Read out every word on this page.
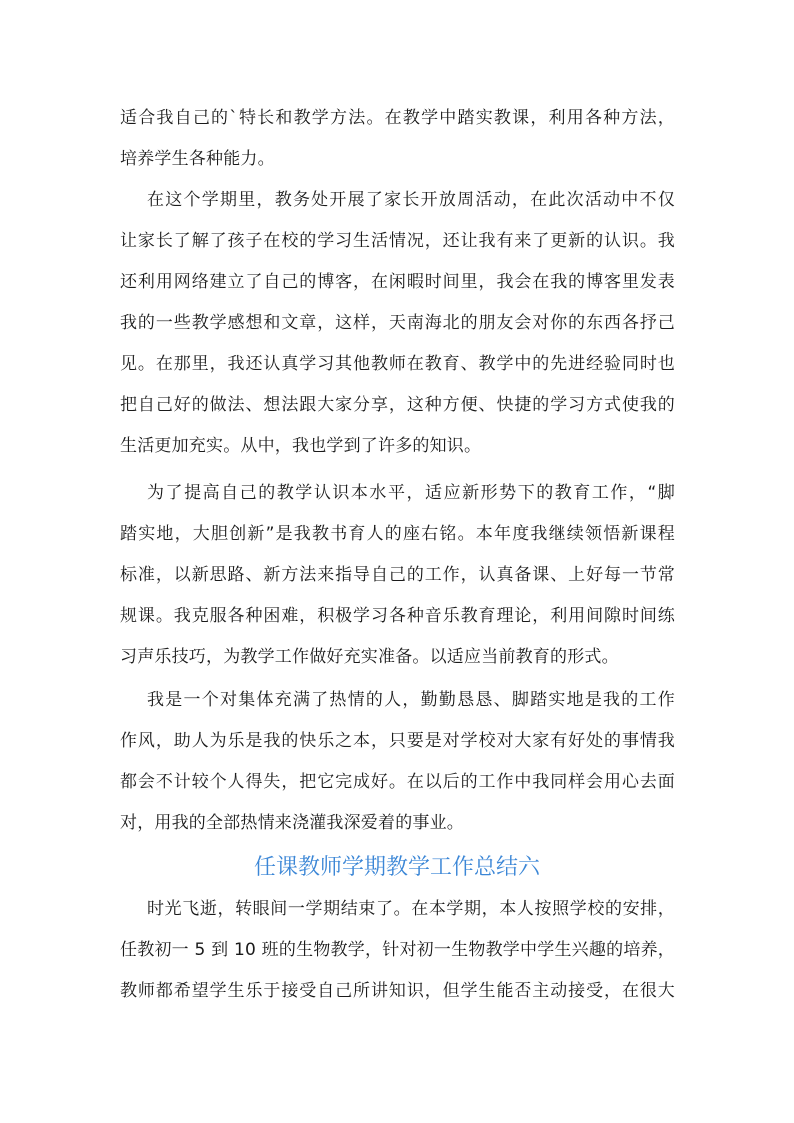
适合我自己的`特长和教学方法。在教学中踏实教课，利用各种方法，
培养学生各种能力。
在这个学期里，教务处开展了家长开放周活动，在此次活动中不仅
让家长了解了孩子在校的学习生活情况，还让我有来了更新的认识。我
还利用网络建立了自己的博客，在闲暇时间里，我会在我的博客里发表
我的一些教学感想和文章，这样，天南海北的朋友会对你的东西各抒己
见。在那里，我还认真学习其他教师在教育、教学中的先进经验同时也
把自己好的做法、想法跟大家分享，这种方便、快捷的学习方式使我的
生活更加充实。从中，我也学到了许多的知识。
为了提高自己的教学认识本水平，适应新形势下的教育工作，“脚
踏实地，大胆创新”是我教书育人的座右铭。本年度我继续领悟新课程
标准，以新思路、新方法来指导自己的工作，认真备课、上好每一节常
规课。我克服各种困难，积极学习各种音乐教育理论，利用间隙时间练
习声乐技巧，为教学工作做好充实准备。以适应当前教育的形式。
我是一个对集体充满了热情的人，勤勤恳恳、脚踏实地是我的工作
作风，助人为乐是我的快乐之本，只要是对学校对大家有好处的事情我
都会不计较个人得失，把它完成好。在以后的工作中我同样会用心去面
对，用我的全部热情来浇灌我深爱着的事业。
任课教师学期教学工作总结六
时光飞逝，转眼间一学期结束了。在本学期，本人按照学校的安排，
任教初一 5 到 10 班的生物教学，针对初一生物教学中学生兴趣的培养，
教师都希望学生乐于接受自己所讲知识，但学生能否主动接受，在很大
